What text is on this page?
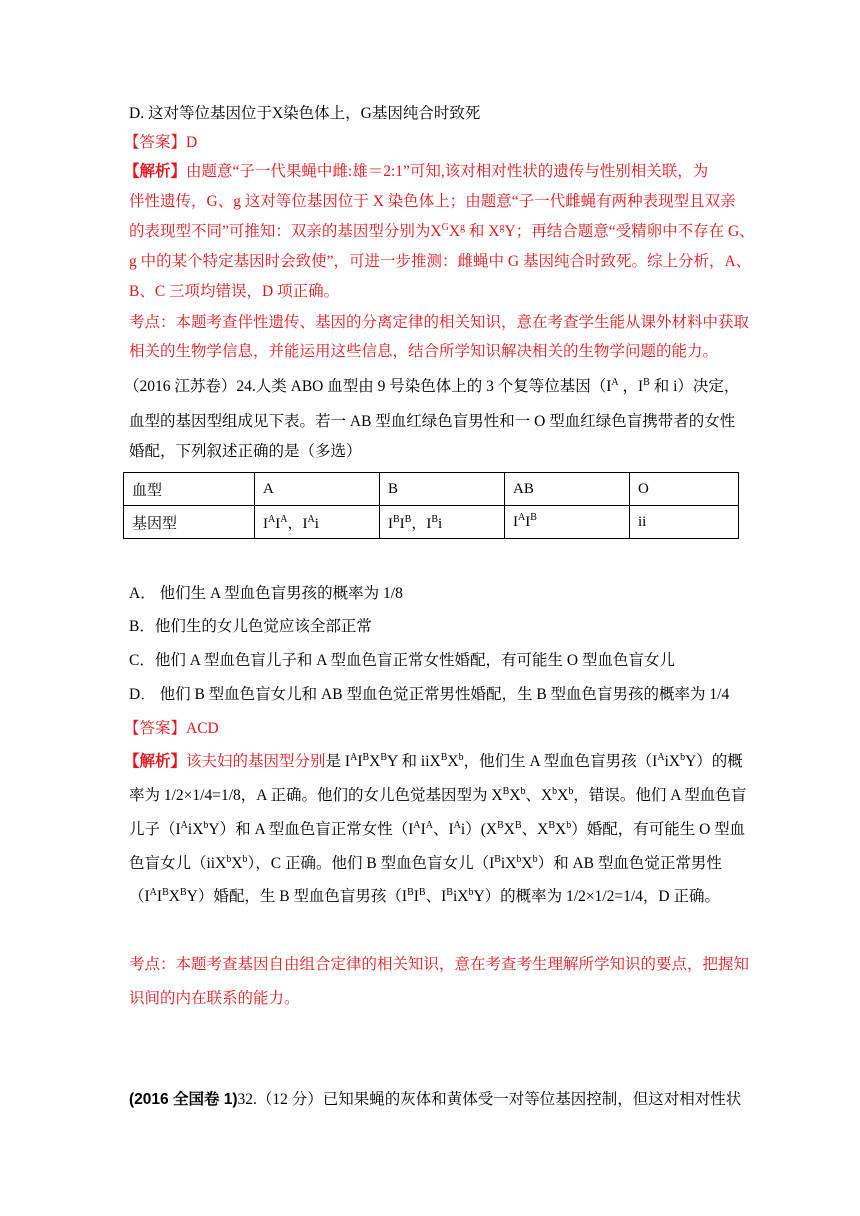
D. 这对等位基因位于X染色体上，G基因纯合时致死
【答案】D
【解析】由题意“子一代果蝇中雌:雄＝2:1”可知,该对相对性状的遗传与性别相关联，为
伴性遗传，G、g 这对等位基因位于 X 染色体上；由题意“子一代雌蝇有两种表现型且双亲
的表现型不同”可推知：双亲的基因型分别为$X^GX^g$ 和 $X^gY$；再结合题意“受精卵中不存在 G、
g 中的某个特定基因时会致使”，可进一步推测：雌蝇中 G 基因纯合时致死。综上分析，A、
B、C 三项均错误，D 项正确。
考点：本题考查伴性遗传、基因的分离定律的相关知识，意在考查学生能从课外材料中获取
相关的生物学信息，并能运用这些信息，结合所学知识解决相关的生物学问题的能力。
（2016 江苏卷）24.人类 ABO 血型由 9 号染色体上的 3 个复等位基因（$I^A$ ，$I^B$ 和 i）决定，
血型的基因型组成见下表。若一 AB 型血红绿色盲男性和一 O 型血红绿色盲携带者的女性
婚配，下列叙述正确的是（多选）
血型	A	B	AB	O
基因型	$I^AI^A$，$I^Ai$	$I^BI^B$，$I^Bi$	$I^AI^B$	ii
A． 他们生 A 型血色盲男孩的概率为 1/8
B．他们生的女儿色觉应该全部正常
C．他们 A 型血色盲儿子和 A 型血色盲正常女性婚配，有可能生 O 型血色盲女儿
D． 他们 B 型血色盲女儿和 AB 型血色觉正常男性婚配，生 B 型血色盲男孩的概率为 1/4
【答案】ACD
【解析】该夫妇的基因型分别是 $I^AI^BX^BY$ 和 $iiX^BX^b$，他们生 A 型血色盲男孩$(I^AiX^bY)$的概
率为 1/2×1/4=1/8，A 正确。他们的女儿色觉基因型为 $X^BX^b$、$X^bX^b$，错误。他们 A 型血色盲
儿子$(I^AiX^bY)$和 A 型血色盲正常女性（$I^AI^A$、$I^Ai)(X^BX^B$、$X^BX^b$）婚配，有可能生 O 型血
色盲女儿$(iiX^bX^b)$，C 正确。他们 B 型血色盲女儿$(I^BiX^bX^b)$和 AB 型血色觉正常男性
$(I^AI^BX^BY)$婚配，生 B 型血色盲男孩（$I^BI^B$、$I^BiX^bY$）的概率为 1/2×1/2=1/4，D 正确。
考点：本题考查基因自由组合定律的相关知识，意在考查考生理解所学知识的要点，把握知
识间的内在联系的能力。
(2016 全国卷 1)32.（12 分）已知果蝇的灰体和黄体受一对等位基因控制，但这对相对性状
